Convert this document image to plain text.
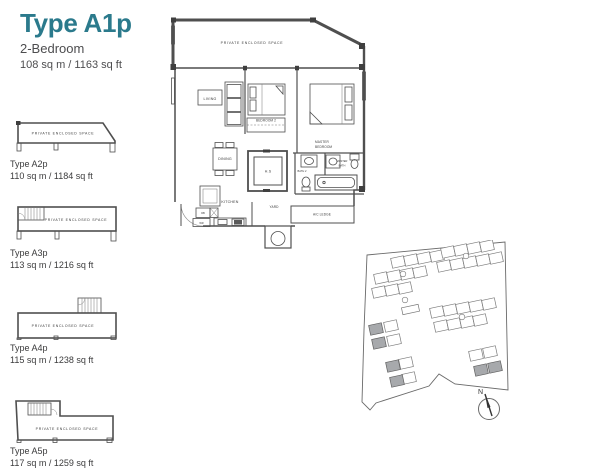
Type A1p
2-Bedroom
108 sq m / 1163 sq ft
PRIVATE ENCLOSED SPACE
Type A2p
110 sq m / 1184 sq ft
PRIVATE ENCLOSED SPACE
Type A3p
113 sq m / 1216 sq ft
PRIVATE ENCLOSED SPACE
Type A4p
115 sq m / 1238 sq ft
PRIVATE ENCLOSED SPACE
Type A5p
117 sq m / 1259 sq ft
PRIVATE ENCLOSED SPACE
LIVING
BEDROOM 2
MASTER
BEDROOM
DINING
H.S	BATH 2
MASTER
BATH
KITCHEN
YARD
A/C LEDGE
DB
WR
N
